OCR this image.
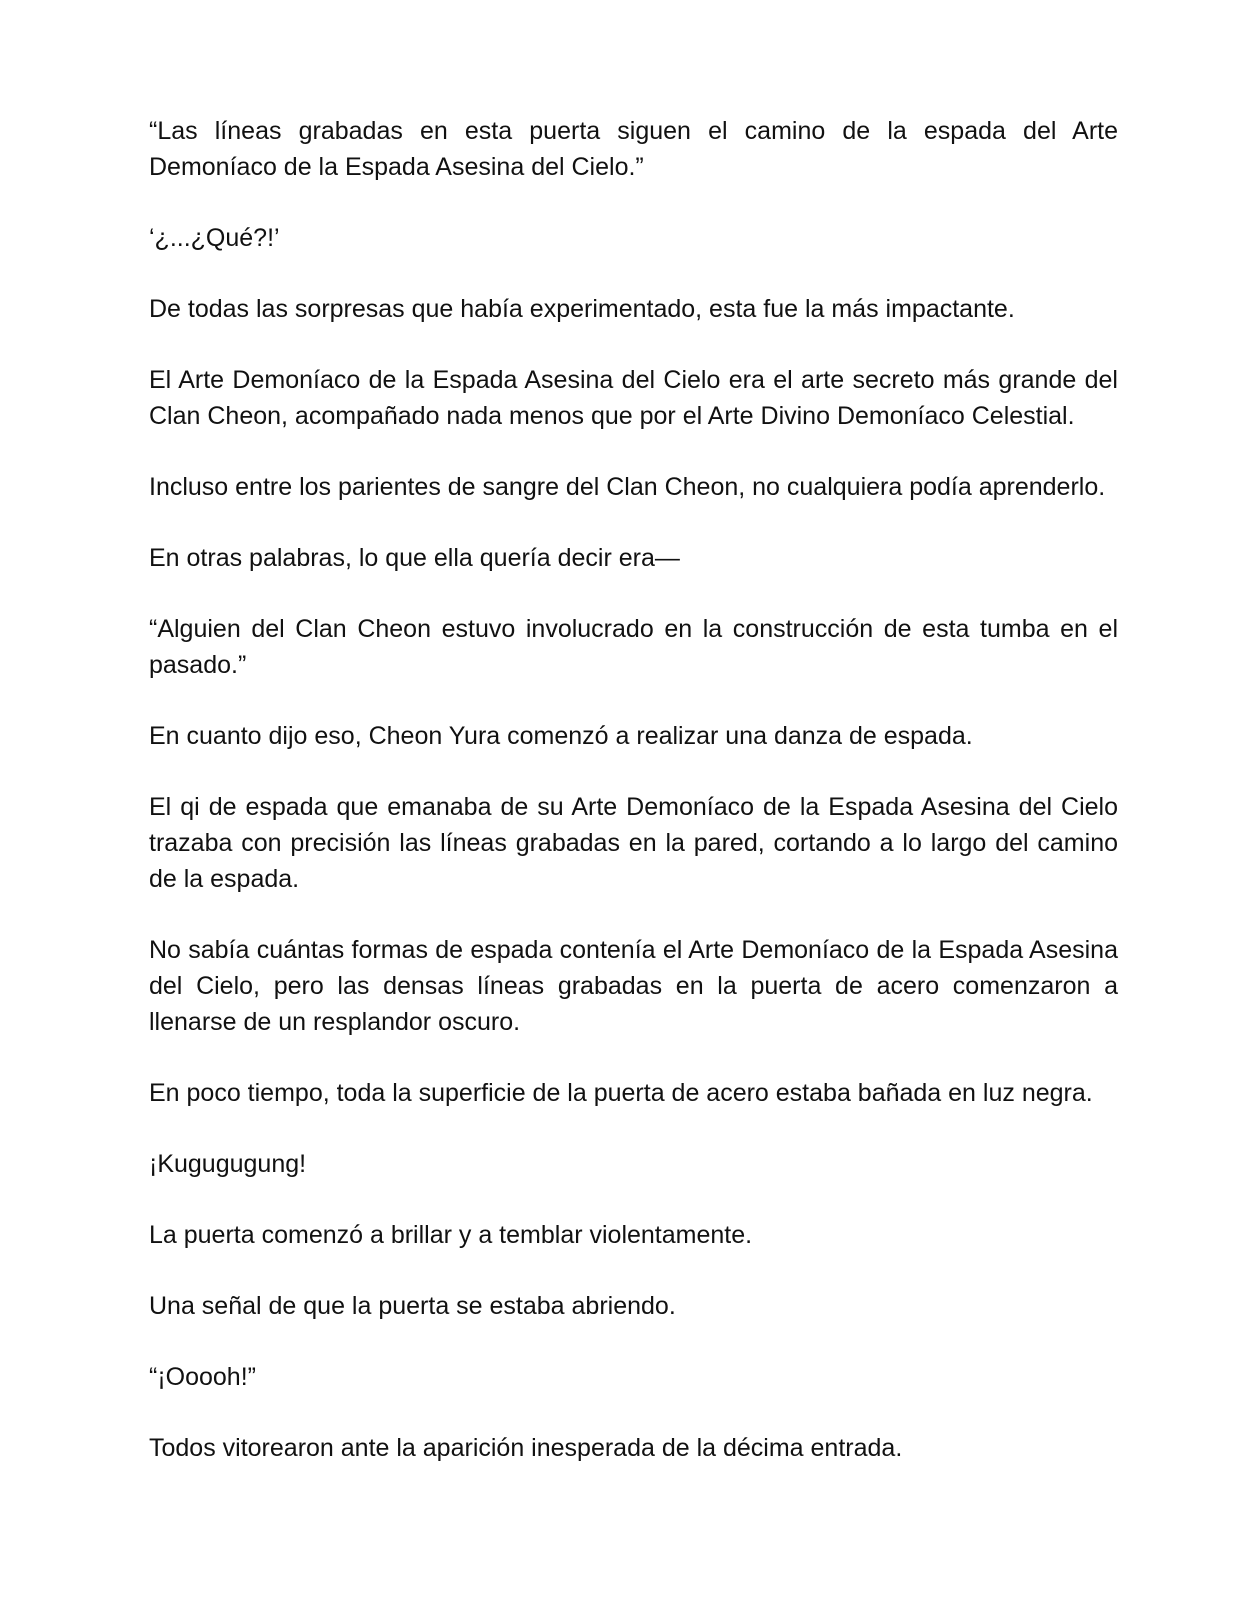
“Las líneas grabadas en esta puerta siguen el camino de la espada del Arte Demoníaco de la Espada Asesina del Cielo.”

‘¿...¿Qué?!’

De todas las sorpresas que había experimentado, esta fue la más impactante.

El Arte Demoníaco de la Espada Asesina del Cielo era el arte secreto más grande del Clan Cheon, acompañado nada menos que por el Arte Divino Demoníaco Celestial.

Incluso entre los parientes de sangre del Clan Cheon, no cualquiera podía aprenderlo.

En otras palabras, lo que ella quería decir era—

“Alguien del Clan Cheon estuvo involucrado en la construcción de esta tumba en el pasado.”

En cuanto dijo eso, Cheon Yura comenzó a realizar una danza de espada.

El qi de espada que emanaba de su Arte Demoníaco de la Espada Asesina del Cielo trazaba con precisión las líneas grabadas en la pared, cortando a lo largo del camino de la espada.

No sabía cuántas formas de espada contenía el Arte Demoníaco de la Espada Asesina del Cielo, pero las densas líneas grabadas en la puerta de acero comenzaron a llenarse de un resplandor oscuro.

En poco tiempo, toda la superficie de la puerta de acero estaba bañada en luz negra.

¡Kugugugung!

La puerta comenzó a brillar y a temblar violentamente.

Una señal de que la puerta se estaba abriendo.

“¡Ooooh!”

Todos vitorearon ante la aparición inesperada de la décima entrada.
